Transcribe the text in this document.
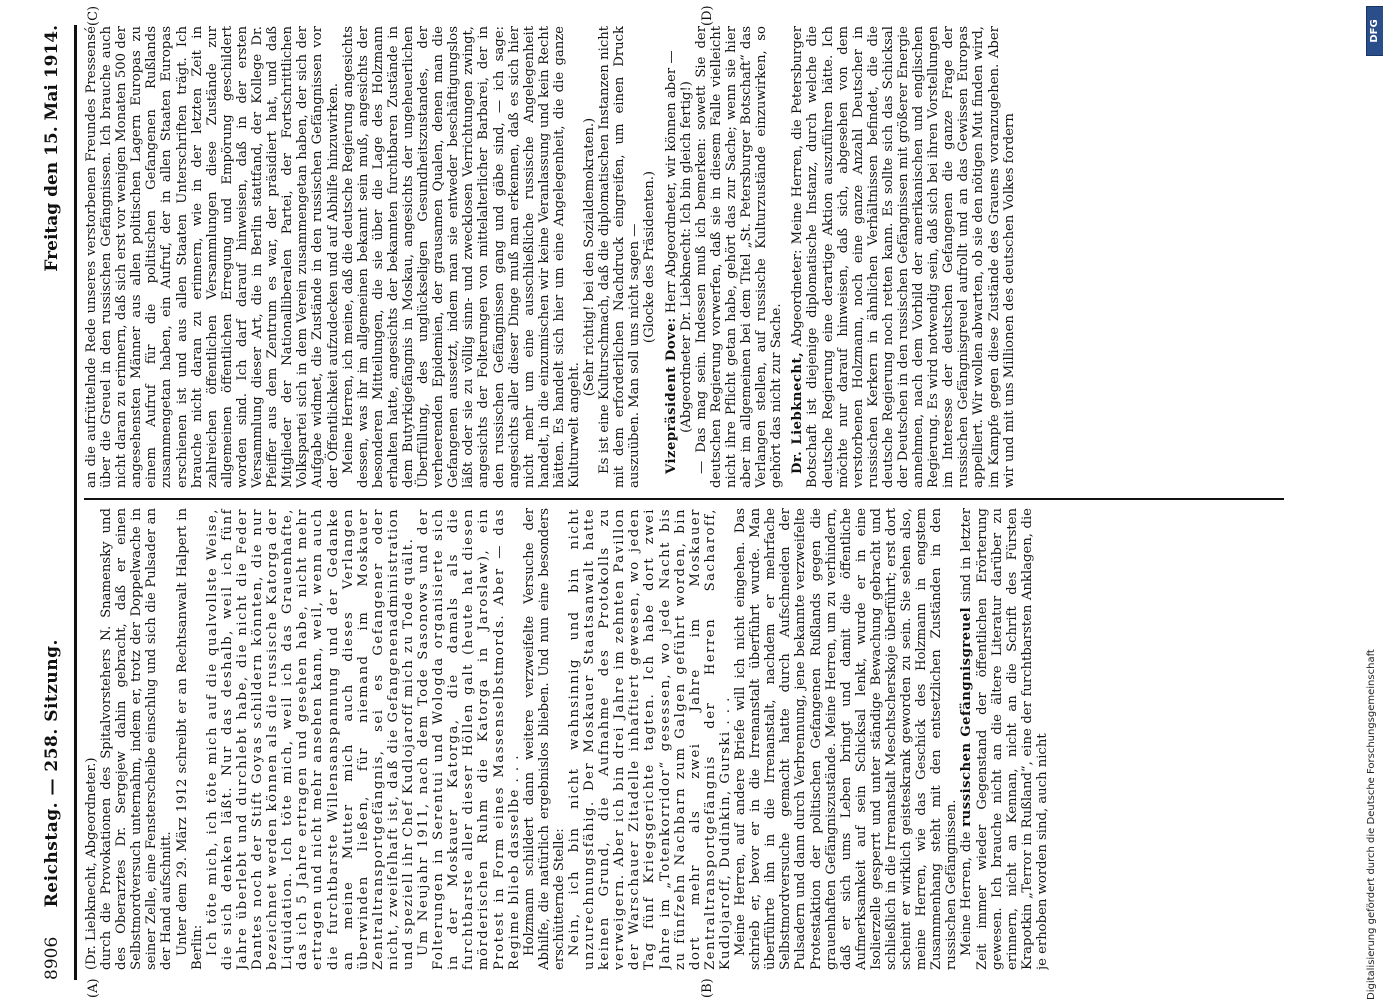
8906 Reichstag. — 258. Sitzung.
Freitag den 15. Mai 1914.
(A)	(B)
(C)	(D)

(Dr. Liebknecht, Abgeordneter.) durch die Provokationen des Spitalvorstehers N. Snamensky und des Oberarztes Dr. Sergejew dahin gebracht, daß er einen Selbstmordversuch unternahm, indem er, trotz der Doppelwache in seiner Zelle, eine Fensterscheibe einschlug und sich die Pulsader an der Hand aufschnitt. Unter dem 29. März 1912 schreibt er an Rechtsanwalt Halpert in Berlin: Ich töte mich, ich töte mich auf die qualvollste Weise, die sich denken läßt. Nur das deshalb, weil ich fünf Jahre überlebt und durchlebt habe, die nicht die Feder Dantes noch der Stift Goyas schildern könnten, die nur bezeichnet werden können als die russische Katorga der Liquidation. Ich töte mich, weil ich das Grauenhafte, das ich 5 Jahre ertragen und gesehen habe, nicht mehr ertragen und nicht mehr ansehen kann, weil, wenn auch die furchtbarste Willensanspannung und der Gedanke an meine Mutter mich auch dieses Verlangen überwinden ließen, für niemand im Moskauer Zentraltransportgefängnis, sei es Gefangener oder nicht, zweifelhaft ist, daß die Gefangenenadministration und speziell ihr Chef Kudlojaroff mich zu Tode quält. Um Neujahr 1911, nach dem Tode Sasonows und der Folterungen in Serentui und Wologda organisierte sich in der Moskauer Katorga, die damals als die furchtbarste aller dieser Höllen galt (heute hat diesen mörderischen Ruhm die Katorga in Jaroslaw), ein Protest in Form eines Massenselbstmords. Aber — das Regime blieb dasselbe . . . Holzmann schildert dann weitere verzweifelte Versuche der Abhilfe, die natürlich ergebnislos blieben. Und nun eine besonders erschütternde Stelle: Nein, ich bin nicht wahnsinnig und bin nicht unzurechnungsfähig. Der Moskauer Staatsanwalt hatte keinen Grund, die Aufnahme des Protokolls zu verweigern. Aber ich bin drei Jahre im zehnten Pavillon der Warschauer Zitadelle inhaftiert gewesen, wo jeden Tag fünf Kriegsgerichte tagten. Ich habe dort zwei Jahre im „Totenkorridor“ gesessen, wo jede Nacht bis zu fünfzehn Nachbarn zum Galgen geführt worden, bin dort mehr als zwei Jahre im Moskauer Zentraltransportgefängnis der Herren Sacharoff, Kudlojaroff, Dudinkin, Gurski . . . Meine Herren, auf andere Briefe will ich nicht eingehen. Das schrieb er, bevor er in die Irrenanstalt überführt wurde. Man überführte ihn in die Irrenanstalt, nachdem er mehrfache Selbstmordversuche gemacht hatte durch Aufschneiden der Pulsadern und dann durch Verbrennung, jene bekannte verzweifelte Protestaktion der politischen Gefangenen Rußlands gegen die grauenhaften Gefängniszustände. Meine Herren, um zu verhindern, daß er sich ums Leben bringt und damit die öffentliche Aufmerksamkeit auf sein Schicksal lenkt, wurde er in eine Isolierzelle gesperrt und unter ständige Bewachung gebracht und schließlich in die Irrenanstalt Meschtscherskoje überführt; erst dort scheint er wirklich geisteskrank geworden zu sein. Sie sehen also, meine Herren, wie das Geschick des Holzmann in engstem Zusammenhang steht mit den entsetzlichen Zuständen in den russischen Gefängnissen. Meine Herren, die russischen Gefängnisgreuel sind in letzter Zeit immer wieder Gegenstand der öffentlichen Erörterung gewesen. Ich brauche nicht an die ältere Literatur darüber zu erinnern, nicht an Kennan, nicht an die Schrift des Fürsten Krapotkin „Terror in Rußland“, eine der furchtbarsten Anklagen, die je erhoben worden sind, auch nicht

an die aufrüttelnde Rede unseres verstorbenen Freundes Pressensé über die Greuel in den russischen Gefängnissen. Ich brauche auch nicht daran zu erinnern, daß sich erst vor wenigen Monaten 500 der angesehensten Männer aus allen politischen Lagern Europas zu einem Aufruf für die politischen Gefangenen Rußlands zusammengetan haben, ein Aufruf, der in allen Staaten Europas erschienen ist und aus allen Staaten Unterschriften trägt. Ich brauche nicht daran zu erinnern, wie in der letzten Zeit in zahlreichen öffentlichen Versammlungen diese Zustände zur allgemeinen öffentlichen Erregung und Empörung geschildert worden sind. Ich darf darauf hinweisen, daß in der ersten Versammlung dieser Art, die in Berlin stattfand, der Kollege Dr. Pfeiffer aus dem Zentrum es war, der präsidiert hat, und daß Mitglieder der Nationalliberalen Partei, der Fortschrittlichen Volkspartei sich in dem Verein zusammengetan haben, der sich der Aufgabe widmet, die Zustände in den russischen Gefängnissen vor der Öffentlichkeit aufzudecken und auf Abhilfe hinzuwirken. Meine Herren, ich meine, daß die deutsche Regierung angesichts dessen, was ihr im allgemeinen bekannt sein muß, angesichts der besonderen Mitteilungen, die sie über die Lage des Holzmann erhalten hatte, angesichts der bekannten furchtbaren Zustände in dem Butyrkigefängnis in Moskau, angesichts der ungeheuerlichen Überfüllung, des unglückseligen Gesundheitszustandes, der verheerenden Epidemien, der grausamen Qualen, denen man die Gefangenen aussetzt, indem man sie entweder beschäftigungslos läßt oder sie zu völlig sinn- und zwecklosen Verrichtungen zwingt, angesichts der Folterungen von mittelalterlicher Barbarei, der in den russischen Gefängnissen gang und gäbe sind, — ich sage: angesichts aller dieser Dinge muß man erkennen, daß es sich hier nicht mehr um eine ausschließliche russische Angelegenheit handelt, in die einzumischen wir keine Veranlassung und kein Recht hätten. Es handelt sich hier um eine Angelegenheit, die die ganze Kulturwelt angeht.

(Sehr richtig! bei den Sozialdemokraten.) Es ist eine Kulturschmach, daß die diplomatischen Instanzen nicht mit dem erforderlichen Nachdruck eingreifen, um einen Druck auszuüben. Man soll uns nicht sagen — (Glocke des Präsidenten.)

Vizepräsident Dove: Herr Abgeordneter, wir können aber — (Abgeordneter Dr. Liebknecht: Ich bin gleich fertig!) — Das mag sein. Indessen muß ich bemerken: sowett Sie der deutschen Regierung vorwerfen, daß sie in diesem Falle vielleicht nicht ihre Pflicht getan habe, gehört das zur Sache; wenn sie hier aber im allgemeinen bei dem Titel „St. Petersburger Botschaft“ das Verlangen stellen, auf russische Kulturzustände einzuwirken, so gehört das nicht zur Sache. Dr. Liebknecht, Abgeordneter: Meine Herren, die Petersburger Botschaft ist diejenige diplomatische Instanz, durch welche die deutsche Regierung eine derartige Aktion auszuführen hätte. Ich möchte nur darauf hinweisen, daß sich, abgesehen von dem verstorbenen Holzmann, noch eine ganze Anzahl Deutscher in russischen Kerkern in ähnlichen Verhältnissen befindet, die die deutsche Regierung noch retten kann. Es sollte sich das Schicksal der Deutschen in den russischen Gefängnissen mit größerer Energie annehmen, nach dem Vorbild der amerikanischen und englischen Regierung. Es wird notwendig sein, daß sich bei ihren Vorstellungen im Interesse der deutschen Gefangenen die ganze Frage der russischen Gefängnisgreuel aufrollt und an das Gewissen Europas appelliert. Wir wollen abwarten, ob sie den nötigen Mut finden wird, im Kampfe gegen diese Zustände des Grauens voranzugehen. Aber wir und mit uns Millionen des deutschen Volkes fordern

DFG
Digitalisierung gefördert durch die Deutsche Forschungsgemeinschaft
